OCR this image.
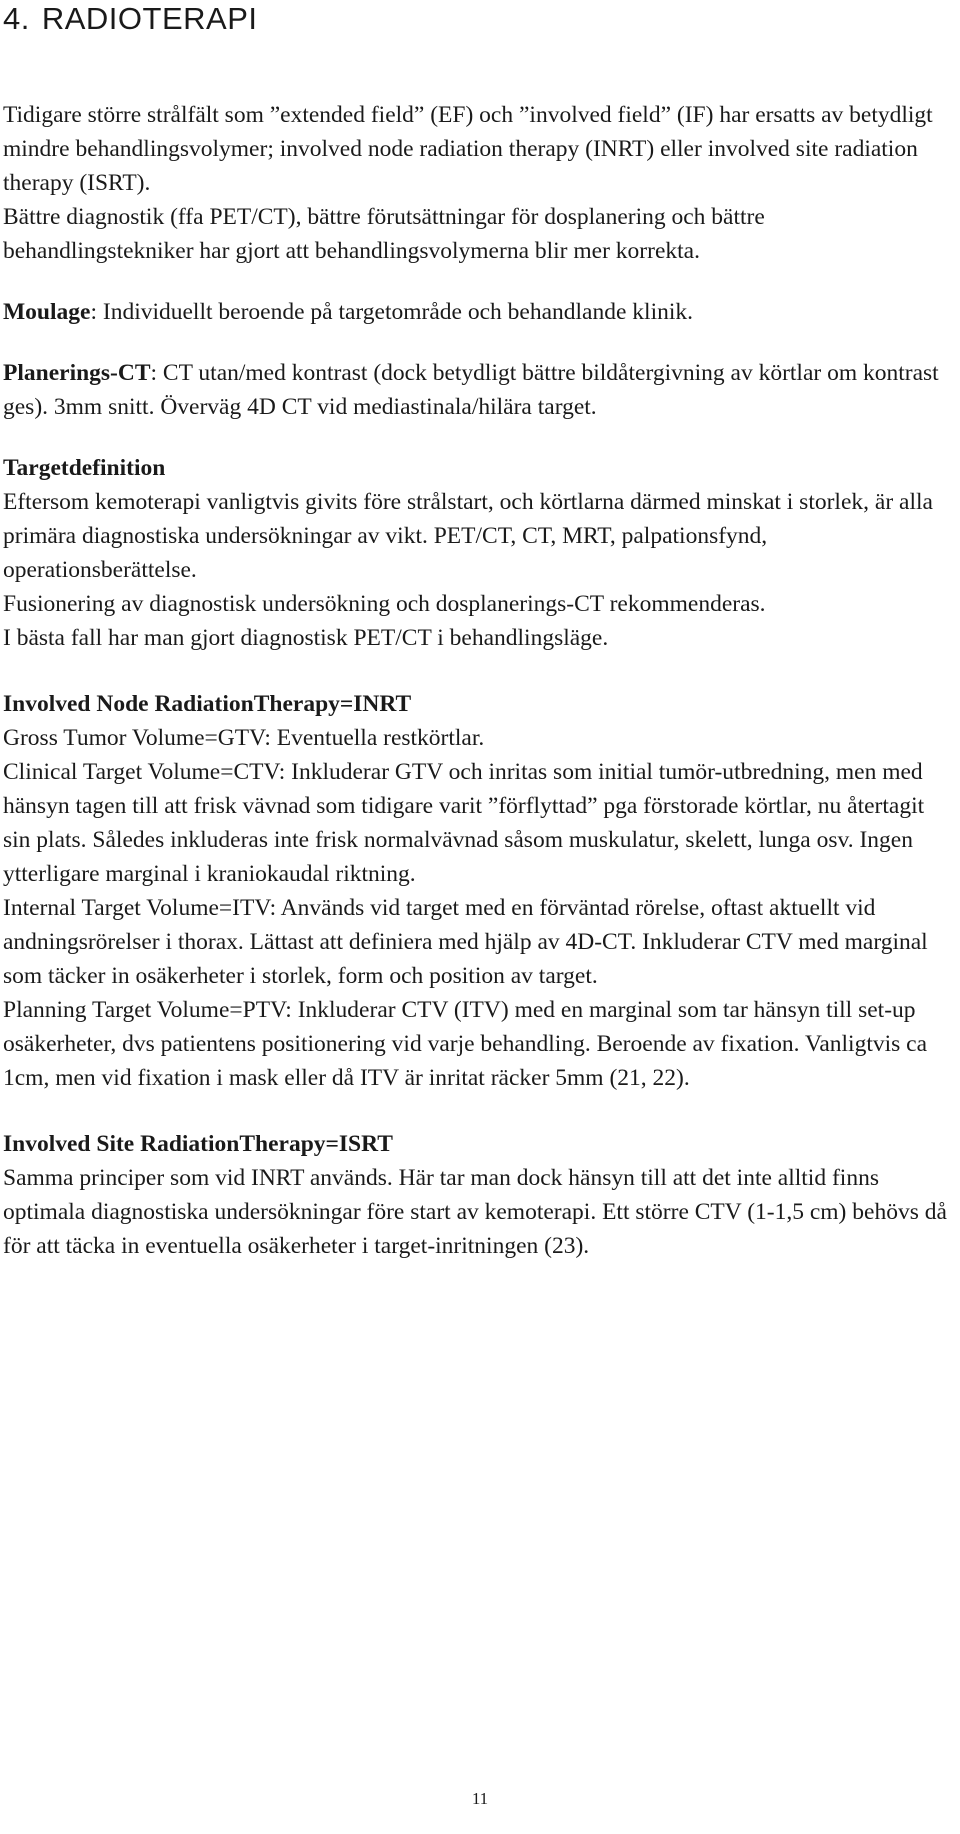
4. RADIOTERAPI

Tidigare större strålfält som ”extended field” (EF) och ”involved field” (IF) har ersatts av betydligt mindre behandlingsvolymer; involved node radiation therapy (INRT) eller involved site radiation therapy (ISRT).

Bättre diagnostik (ffa PET/CT), bättre förutsättningar för dosplanering och bättre behandlingstekniker har gjort att behandlingsvolymerna blir mer korrekta.

Moulage: Individuellt beroende på targetområde och behandlande klinik.

Planerings-CT: CT utan/med kontrast (dock betydligt bättre bildåtergivning av körtlar om kontrast ges). 3mm snitt. Överväg 4D CT vid mediastinala/hilära target.

Targetdefinition

Eftersom kemoterapi vanligtvis givits före strålstart, och körtlarna därmed minskat i storlek, är alla primära diagnostiska undersökningar av vikt. PET/CT, CT, MRT, palpationsfynd, operationsberättelse.

Fusionering av diagnostisk undersökning och dosplanerings-CT rekommenderas.

I bästa fall har man gjort diagnostisk PET/CT i behandlingsläge.

Involved Node RadiationTherapy=INRT

Gross Tumor Volume=GTV: Eventuella restkörtlar.

Clinical Target Volume=CTV: Inkluderar GTV och inritas som initial tumör-utbredning, men med hänsyn tagen till att frisk vävnad som tidigare varit ”förflyttad” pga förstorade körtlar, nu återtagit sin plats. Således inkluderas inte frisk normalvävnad såsom muskulatur, skelett, lunga osv. Ingen ytterligare marginal i kraniokaudal riktning.

Internal Target Volume=ITV: Används vid target med en förväntad rörelse, oftast aktuellt vid andningsrörelser i thorax. Lättast att definiera med hjälp av 4D-CT. Inkluderar CTV med marginal som täcker in osäkerheter i storlek, form och position av target.

Planning Target Volume=PTV: Inkluderar CTV (ITV) med en marginal som tar hänsyn till set-up osäkerheter, dvs patientens positionering vid varje behandling. Beroende av fixation. Vanligtvis ca 1cm, men vid fixation i mask eller då ITV är inritat räcker 5mm (21, 22).

Involved Site RadiationTherapy=ISRT

Samma principer som vid INRT används. Här tar man dock hänsyn till att det inte alltid finns optimala diagnostiska undersökningar före start av kemoterapi. Ett större CTV (1-1,5 cm) behövs då för att täcka in eventuella osäkerheter i target-inritningen (23).

11
